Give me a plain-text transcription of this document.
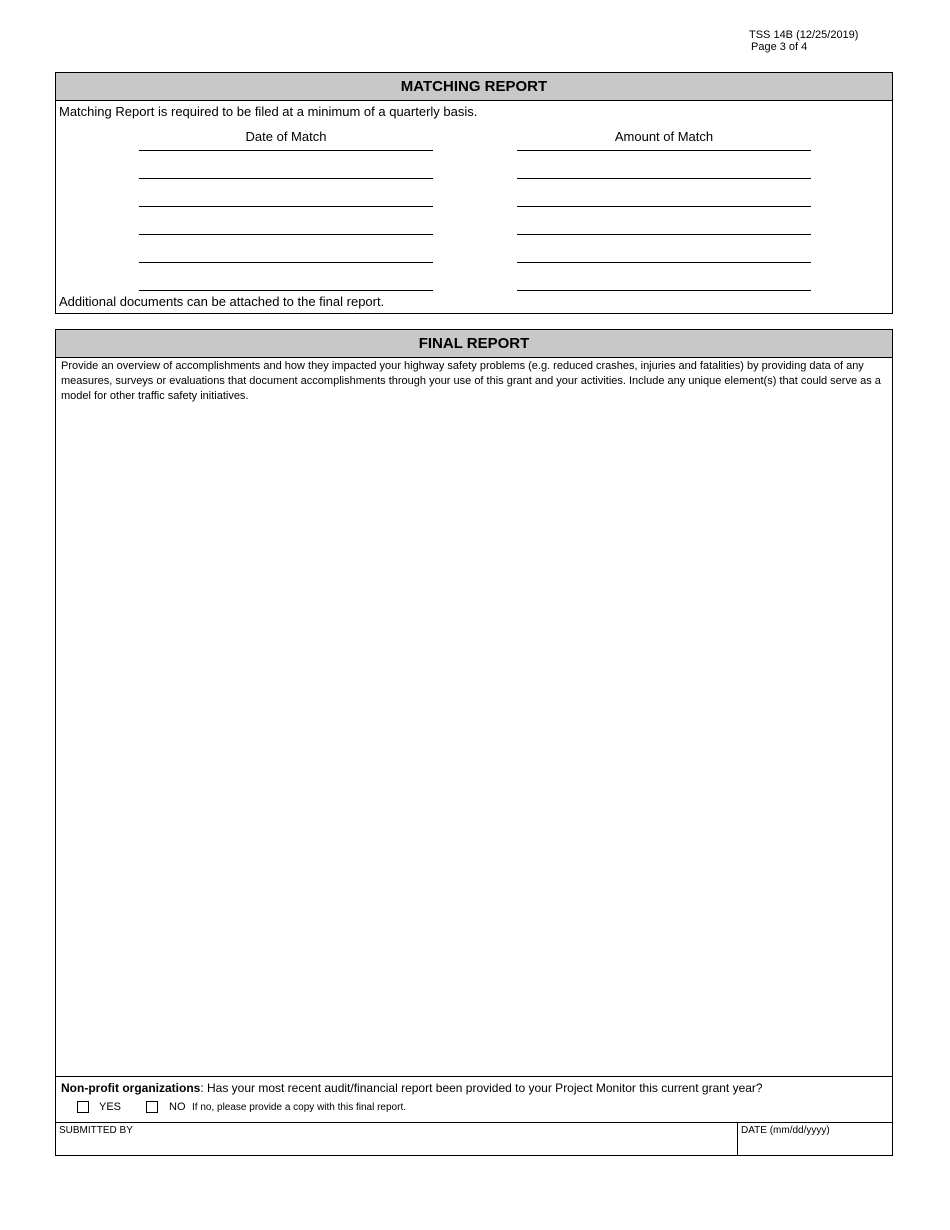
TSS 14B (12/25/2019)
Page 3 of 4
MATCHING REPORT
Matching Report is required to be filed at a minimum of a quarterly basis.
Date of Match	Amount of Match
Additional documents can be attached to the final report.
FINAL REPORT
Provide an overview of accomplishments and how they impacted your highway safety problems (e.g. reduced crashes, injuries and fatalities) by providing data of any measures, surveys or evaluations that document accomplishments through your use of this grant and your activities. Include any unique element(s) that could serve as a model for other traffic safety initiatives.
Non-profit organizations: Has your most recent audit/financial report been provided to your Project Monitor this current grant year?
YES	NO If no, please provide a copy with this final report.
SUBMITTED BY	DATE (mm/dd/yyyy)
